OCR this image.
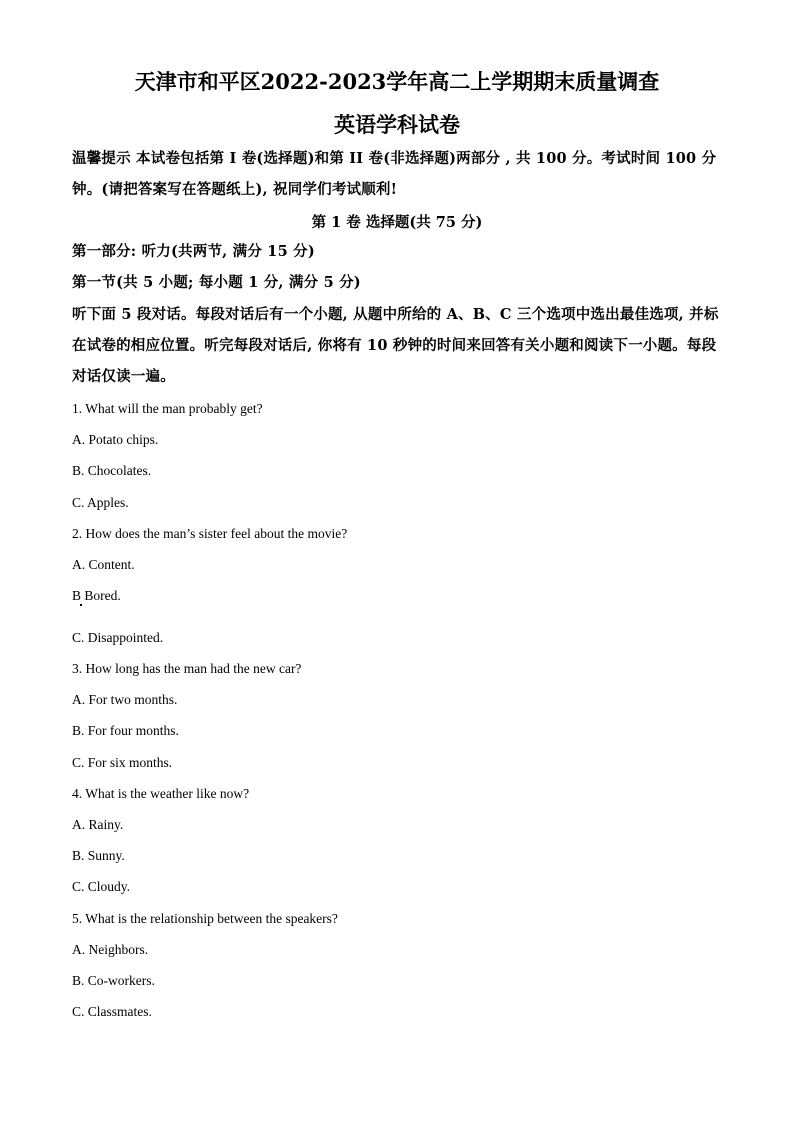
天津市和平区2022-2023学年高二上学期期末质量调查
英语学科试卷
温馨提示 本试卷包括第 I 卷(选择题)和第 II 卷(非选择题)两部分 , 共 100 分。考试时间 100 分钟。(请把答案写在答题纸上), 祝同学们考试顺利!
第 1 卷 选择题(共 75 分)
第一部分: 听力(共两节, 满分 15 分)
第一节(共 5 小题; 每小题 1 分, 满分 5 分)
听下面 5 段对话。每段对话后有一个小题, 从题中所给的 A、B、C 三个选项中选出最佳选项, 并标在试卷的相应位置。听完每段对话后, 你将有 10 秒钟的时间来回答有关小题和阅读下一小题。每段对话仅读一遍。
1. What will the man probably get?
A. Potato chips.
B. Chocolates.
C. Apples.
2. How does the man’s sister feel about the movie?
A. Content.
B Bored.
C. Disappointed.
3. How long has the man had the new car?
A. For two months.
B. For four months.
C. For six months.
4. What is the weather like now?
A. Rainy.
B. Sunny.
C. Cloudy.
5. What is the relationship between the speakers?
A. Neighbors.
B. Co-workers.
C. Classmates.
